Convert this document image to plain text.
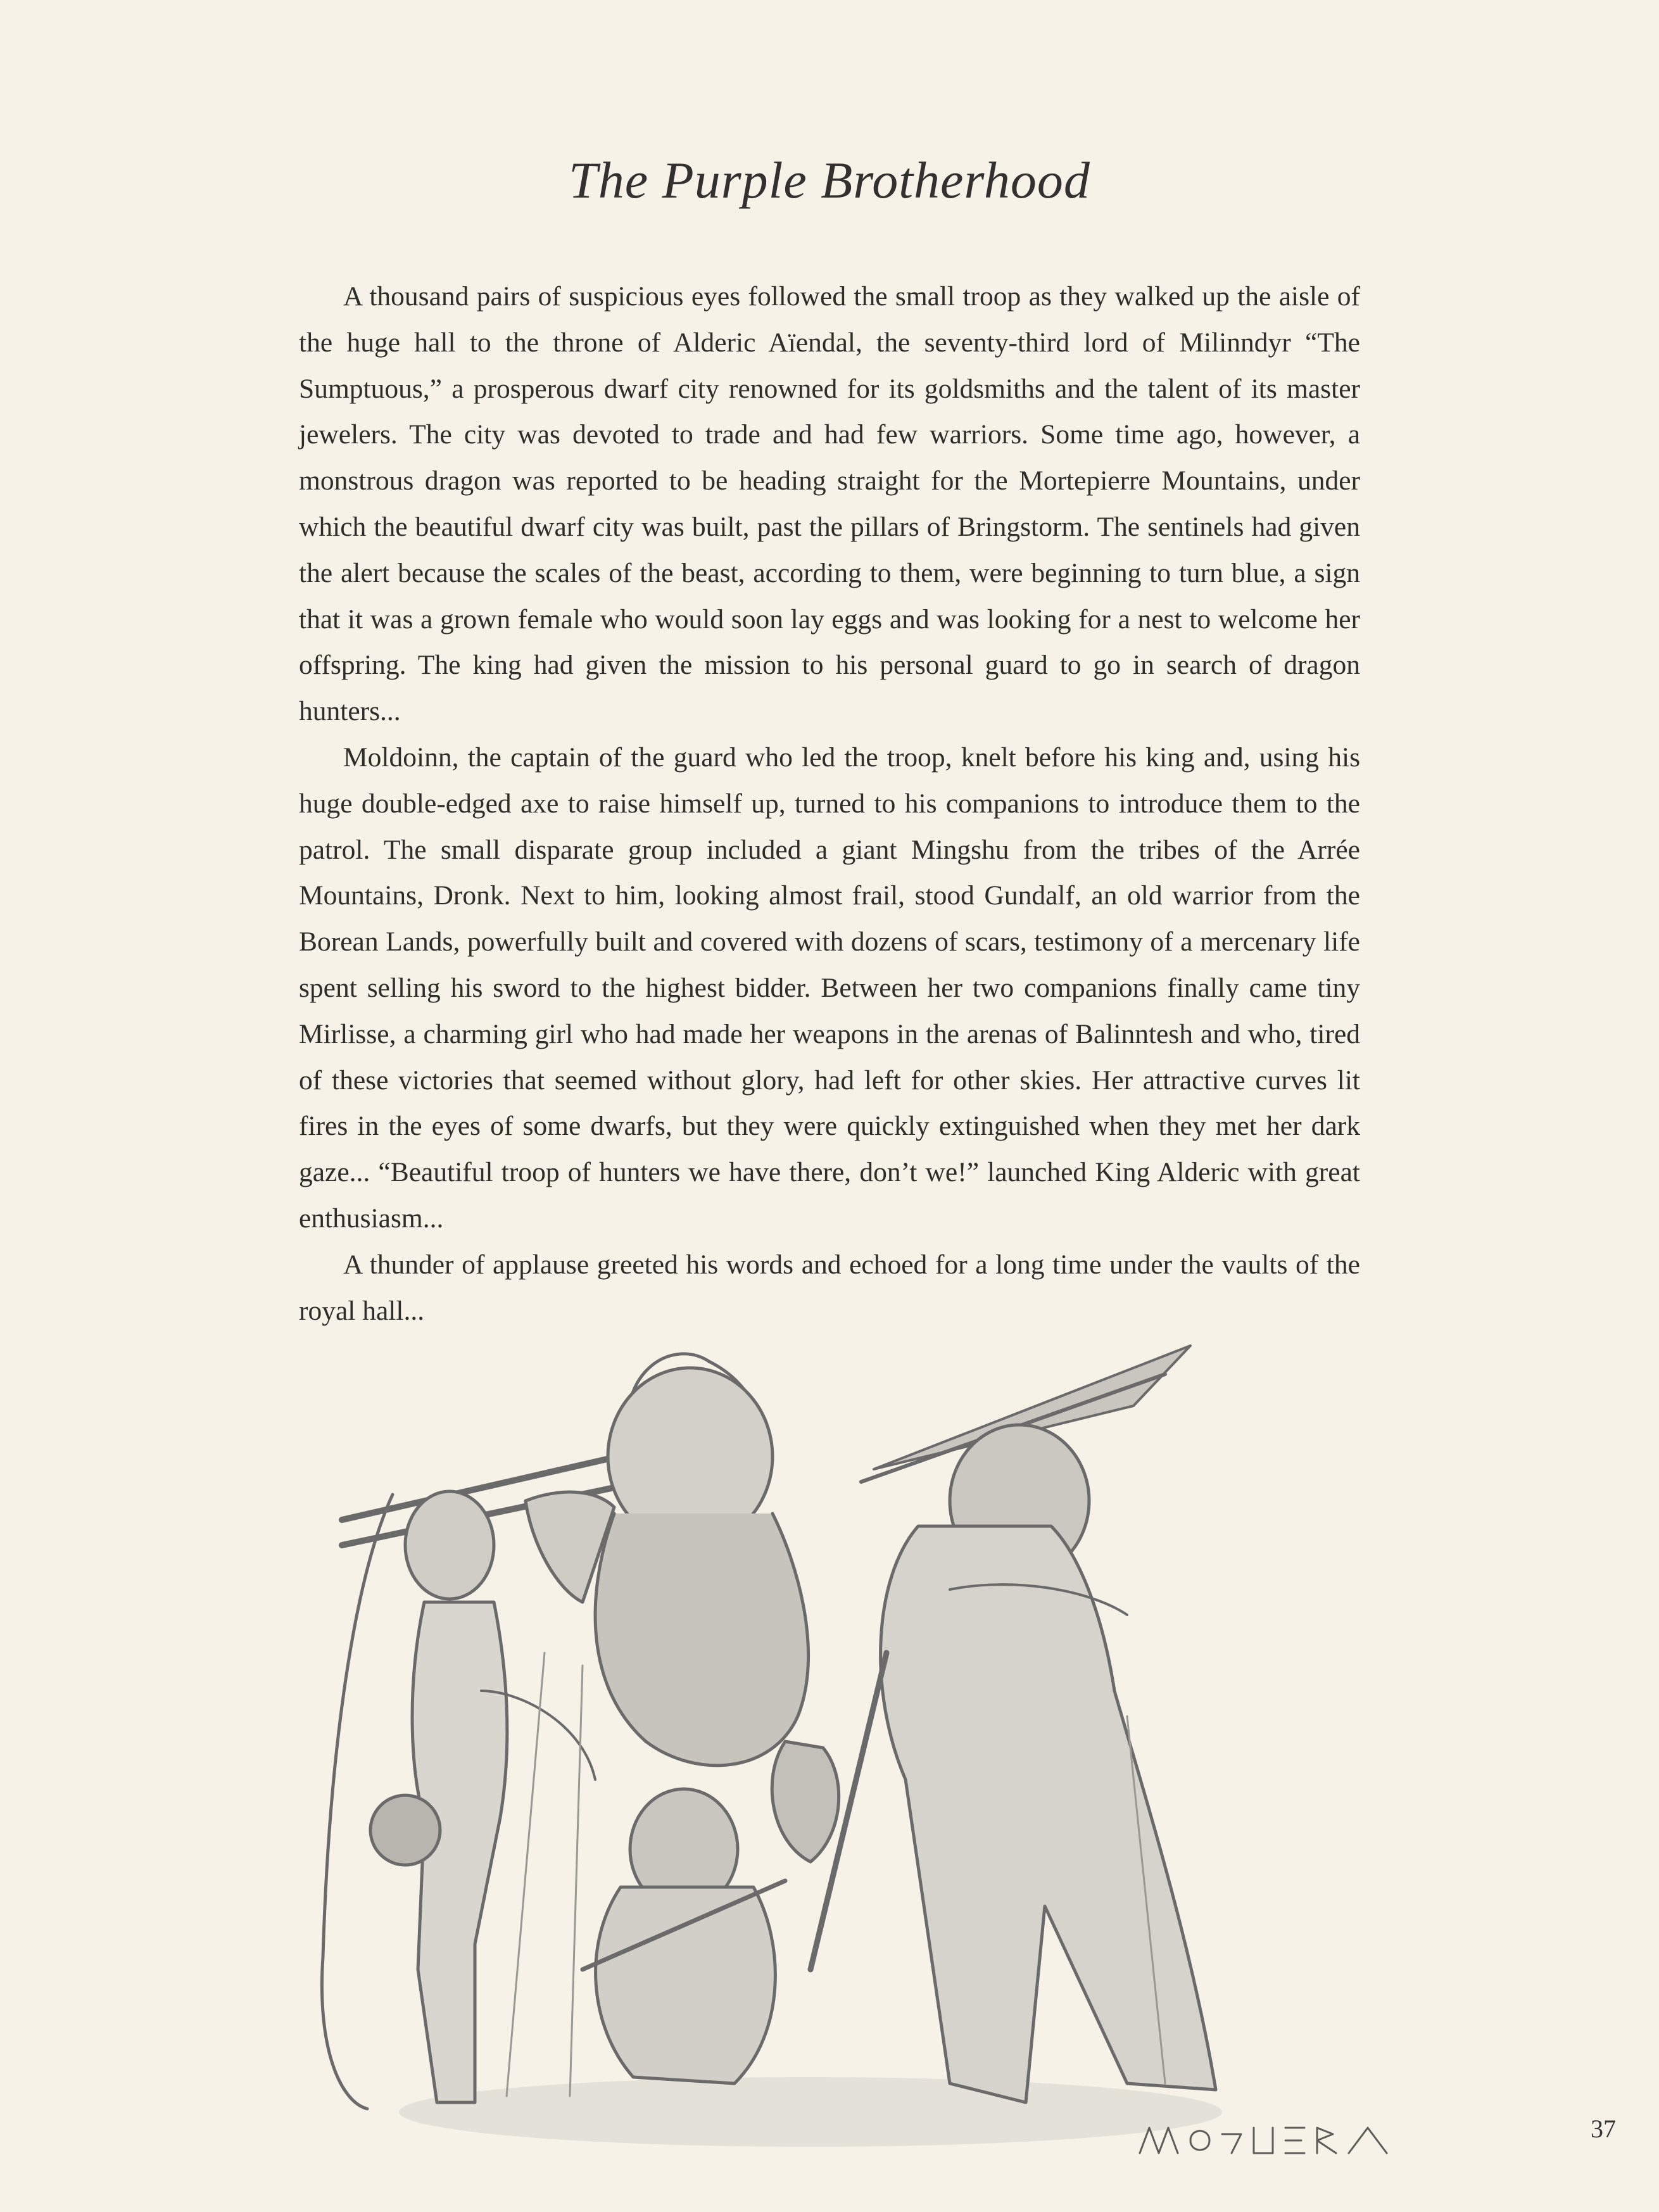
The Purple Brotherhood

A thousand pairs of suspicious eyes followed the small troop as they walked up the aisle of the huge hall to the throne of Alderic Aïendal, the seventy-third lord of Milinndyr “The Sumptuous,” a prosperous dwarf city renowned for its goldsmiths and the talent of its master jewelers. The city was devoted to trade and had few warriors. Some time ago, however, a monstrous dragon was reported to be heading straight for the Mortepierre Mountains, under which the beautiful dwarf city was built, past the pillars of Bringstorm. The sentinels had given the alert because the scales of the beast, according to them, were beginning to turn blue, a sign that it was a grown female who would soon lay eggs and was looking for a nest to welcome her offspring. The king had given the mission to his personal guard to go in search of dragon hunters...

Moldoinn, the captain of the guard who led the troop, knelt before his king and, using his huge double-edged axe to raise himself up, turned to his companions to introduce them to the patrol. The small disparate group included a giant Mingshu from the tribes of the Arrée Mountains, Dronk. Next to him, looking almost frail, stood Gundalf, an old warrior from the Borean Lands, powerfully built and covered with dozens of scars, testimony of a mercenary life spent selling his sword to the highest bidder. Between her two companions finally came tiny Mirlisse, a charming girl who had made her weapons in the arenas of Balinntesh and who, tired of these victories that seemed without glory, had left for other skies. Her attractive curves lit fires in the eyes of some dwarfs, but they were quickly extinguished when they met her dark gaze... “Beautiful troop of hunters we have there, don’t we!” launched King Alderic with great enthusiasm...

A thunder of applause greeted his words and echoed for a long time under the vaults of the royal hall...

37
